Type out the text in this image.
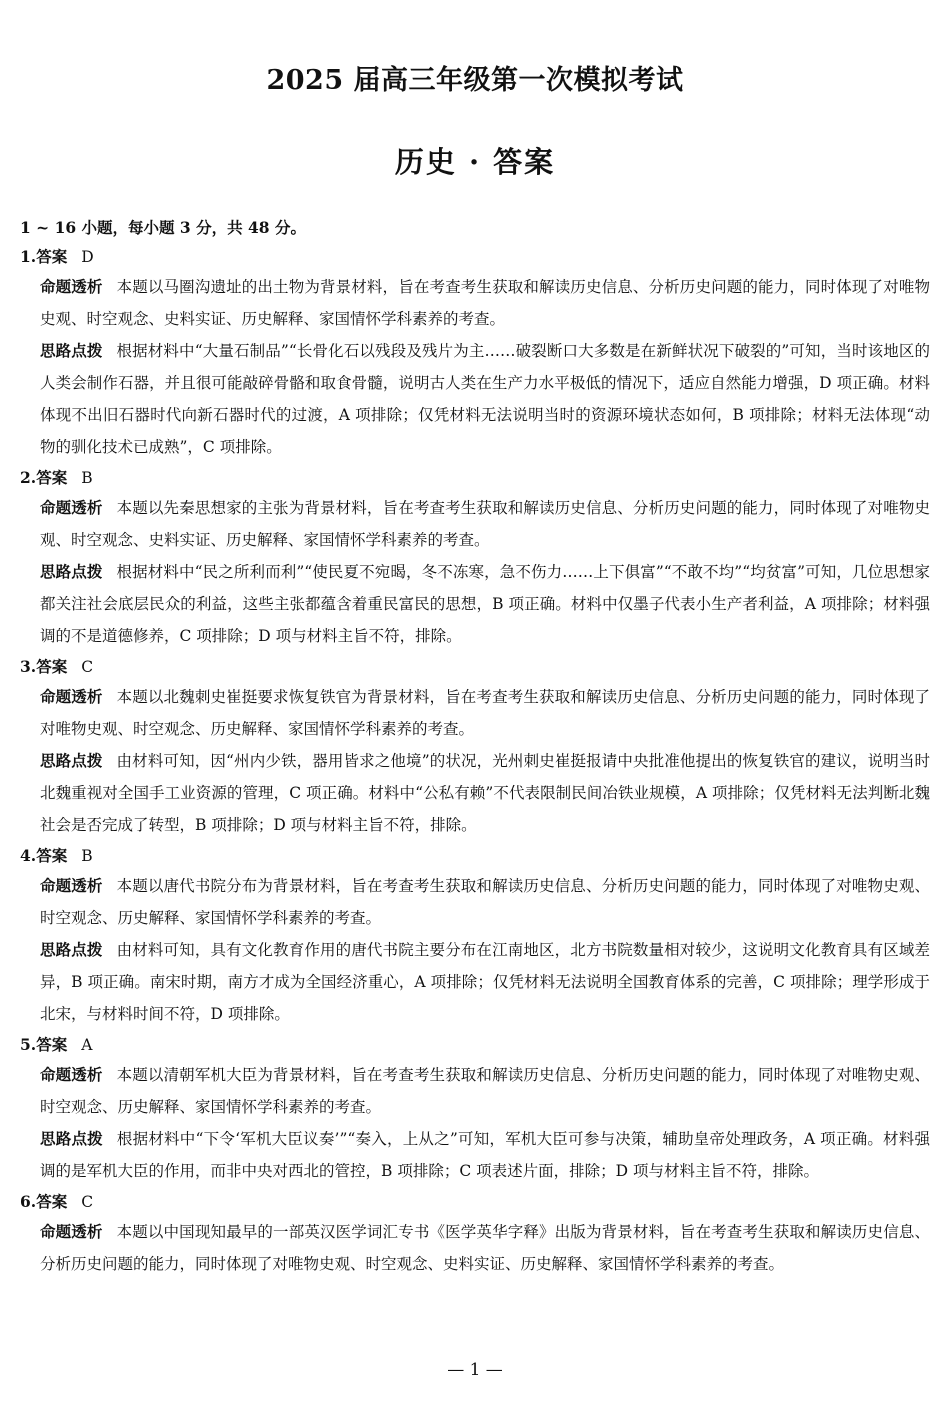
2025 届高三年级第一次模拟考试
历史 · 答案
1 ~ 16 小题，每小题 3 分，共 48 分。
1.答案 D
命题透析 本题以马圈沟遗址的出土物为背景材料，旨在考查考生获取和解读历史信息、分析历史问题的能力，同时体现了对唯物史观、时空观念、史料实证、历史解释、家国情怀学科素养的考查。
思路点拨 根据材料中“大量石制品”“长骨化石以残段及残片为主……破裂断口大多数是在新鲜状况下破裂的”可知，当时该地区的人类会制作石器，并且很可能敲碎骨骼和取食骨髓，说明古人类在生产力水平极低的情况下，适应自然能力增强，D 项正确。材料体现不出旧石器时代向新石器时代的过渡，A 项排除；仅凭材料无法说明当时的资源环境状态如何，B 项排除；材料无法体现“动物的驯化技术已成熟”，C 项排除。
2.答案 B
命题透析 本题以先秦思想家的主张为背景材料，旨在考查考生获取和解读历史信息、分析历史问题的能力，同时体现了对唯物史观、时空观念、史料实证、历史解释、家国情怀学科素养的考查。
思路点拨 根据材料中“民之所利而利”“使民夏不宛暍，冬不冻寒，急不伤力……上下俱富”“不敢不均”“均贫富”可知，几位思想家都关注社会底层民众的利益，这些主张都蕴含着重民富民的思想，B 项正确。材料中仅墨子代表小生产者利益，A 项排除；材料强调的不是道德修养，C 项排除；D 项与材料主旨不符，排除。
3.答案 C
命题透析 本题以北魏刺史崔挺要求恢复铁官为背景材料，旨在考查考生获取和解读历史信息、分析历史问题的能力，同时体现了对唯物史观、时空观念、历史解释、家国情怀学科素养的考查。
思路点拨 由材料可知，因“州内少铁，器用皆求之他境”的状况，光州刺史崔挺报请中央批准他提出的恢复铁官的建议，说明当时北魏重视对全国手工业资源的管理，C 项正确。材料中“公私有赖”不代表限制民间冶铁业规模，A 项排除；仅凭材料无法判断北魏社会是否完成了转型，B 项排除；D 项与材料主旨不符，排除。
4.答案 B
命题透析 本题以唐代书院分布为背景材料，旨在考查考生获取和解读历史信息、分析历史问题的能力，同时体现了对唯物史观、时空观念、历史解释、家国情怀学科素养的考查。
思路点拨 由材料可知，具有文化教育作用的唐代书院主要分布在江南地区，北方书院数量相对较少，这说明文化教育具有区域差异，B 项正确。南宋时期，南方才成为全国经济重心，A 项排除；仅凭材料无法说明全国教育体系的完善，C 项排除；理学形成于北宋，与材料时间不符，D 项排除。
5.答案 A
命题透析 本题以清朝军机大臣为背景材料，旨在考查考生获取和解读历史信息、分析历史问题的能力，同时体现了对唯物史观、时空观念、历史解释、家国情怀学科素养的考查。
思路点拨 根据材料中“下令‘军机大臣议奏’”“奏入，上从之”可知，军机大臣可参与决策，辅助皇帝处理政务，A 项正确。材料强调的是军机大臣的作用，而非中央对西北的管控，B 项排除；C 项表述片面，排除；D 项与材料主旨不符，排除。
6.答案 C
命题透析 本题以中国现知最早的一部英汉医学词汇专书《医学英华字释》出版为背景材料，旨在考查考生获取和解读历史信息、分析历史问题的能力，同时体现了对唯物史观、时空观念、史料实证、历史解释、家国情怀学科素养的考查。
— 1 —
